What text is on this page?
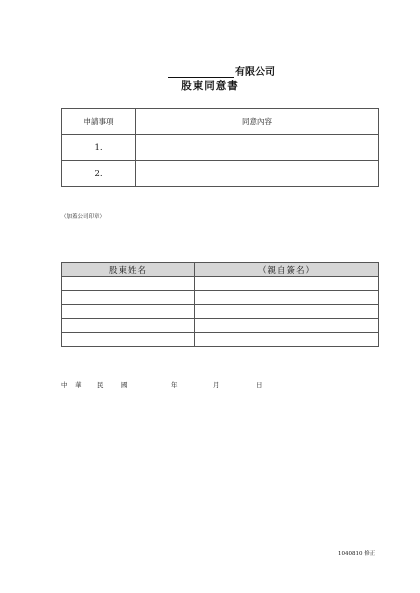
有限公司
股東同意書
申請事項	同意內容
1.	
2.	
（加蓋公司印章）
股東姓名	（親自簽名）

中 華 民	國	年	月	日
1040810 修正
